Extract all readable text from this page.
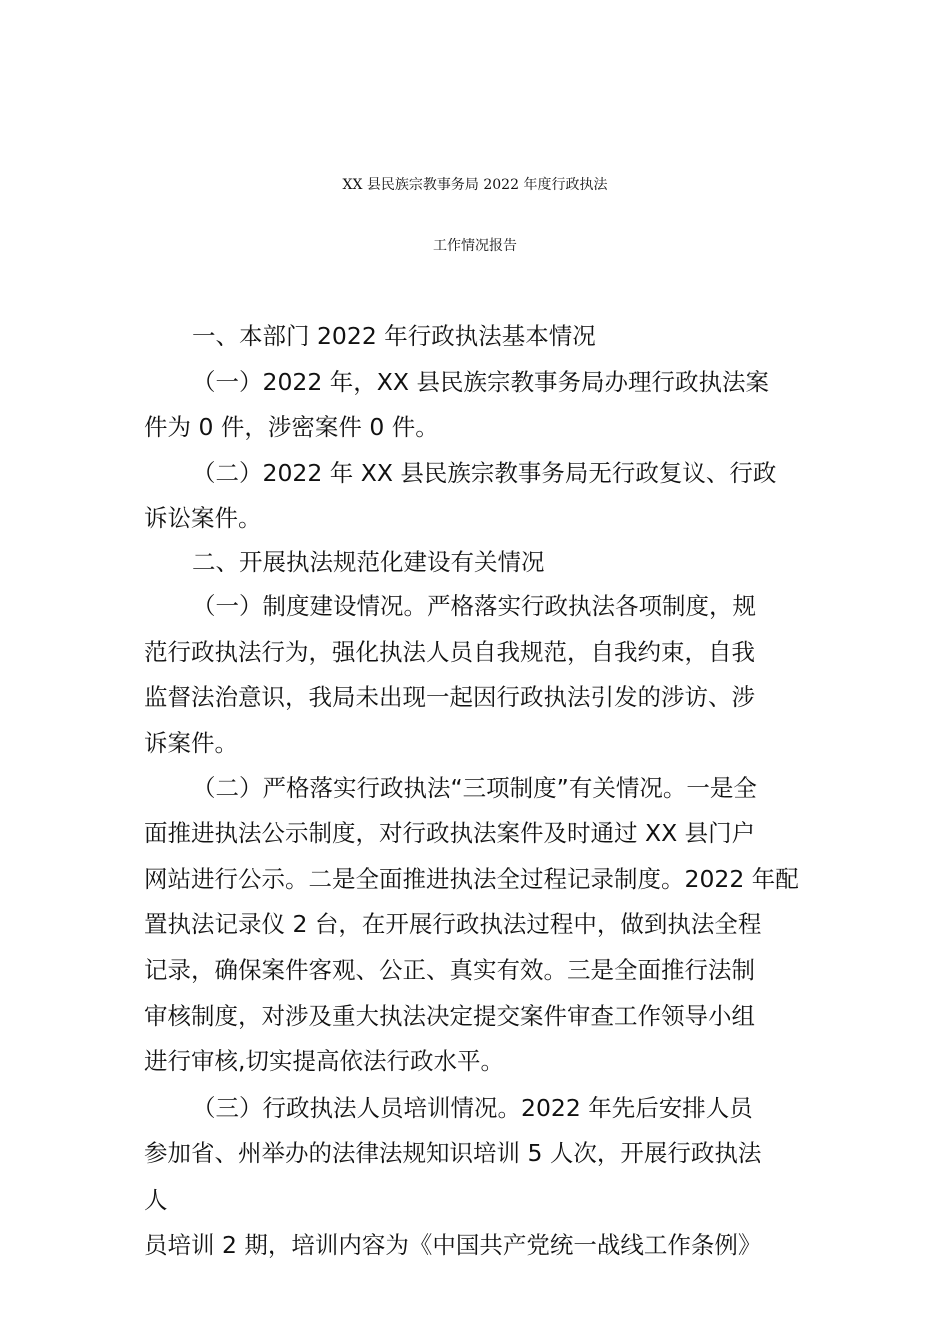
XX 县民族宗教事务局 2022 年度行政执法
工作情况报告
一、本部门 2022 年行政执法基本情况
（一）2022 年，XX 县民族宗教事务局办理行政执法案
件为 0 件，涉密案件 0 件。
（二）2022 年 XX 县民族宗教事务局无行政复议、行政
诉讼案件。
二、开展执法规范化建设有关情况
（一）制度建设情况。严格落实行政执法各项制度，规
范行政执法行为，强化执法人员自我规范，自我约束，自我
监督法治意识，我局未出现一起因行政执法引发的涉访、涉
诉案件。
（二）严格落实行政执法“三项制度”有关情况。一是全
面推进执法公示制度，对行政执法案件及时通过 XX 县门户
网站进行公示。二是全面推进执法全过程记录制度。2022 年配
置执法记录仪 2 台，在开展行政执法过程中，做到执法全程
记录，确保案件客观、公正、真实有效。三是全面推行法制
审核制度，对涉及重大执法决定提交案件审查工作领导小组
进行审核,切实提高依法行政水平。
（三）行政执法人员培训情况。2022 年先后安排人员
参加省、州举办的法律法规知识培训 5 人次，开展行政执法
人
员培训 2 期，培训内容为《中国共产党统一战线工作条例》
